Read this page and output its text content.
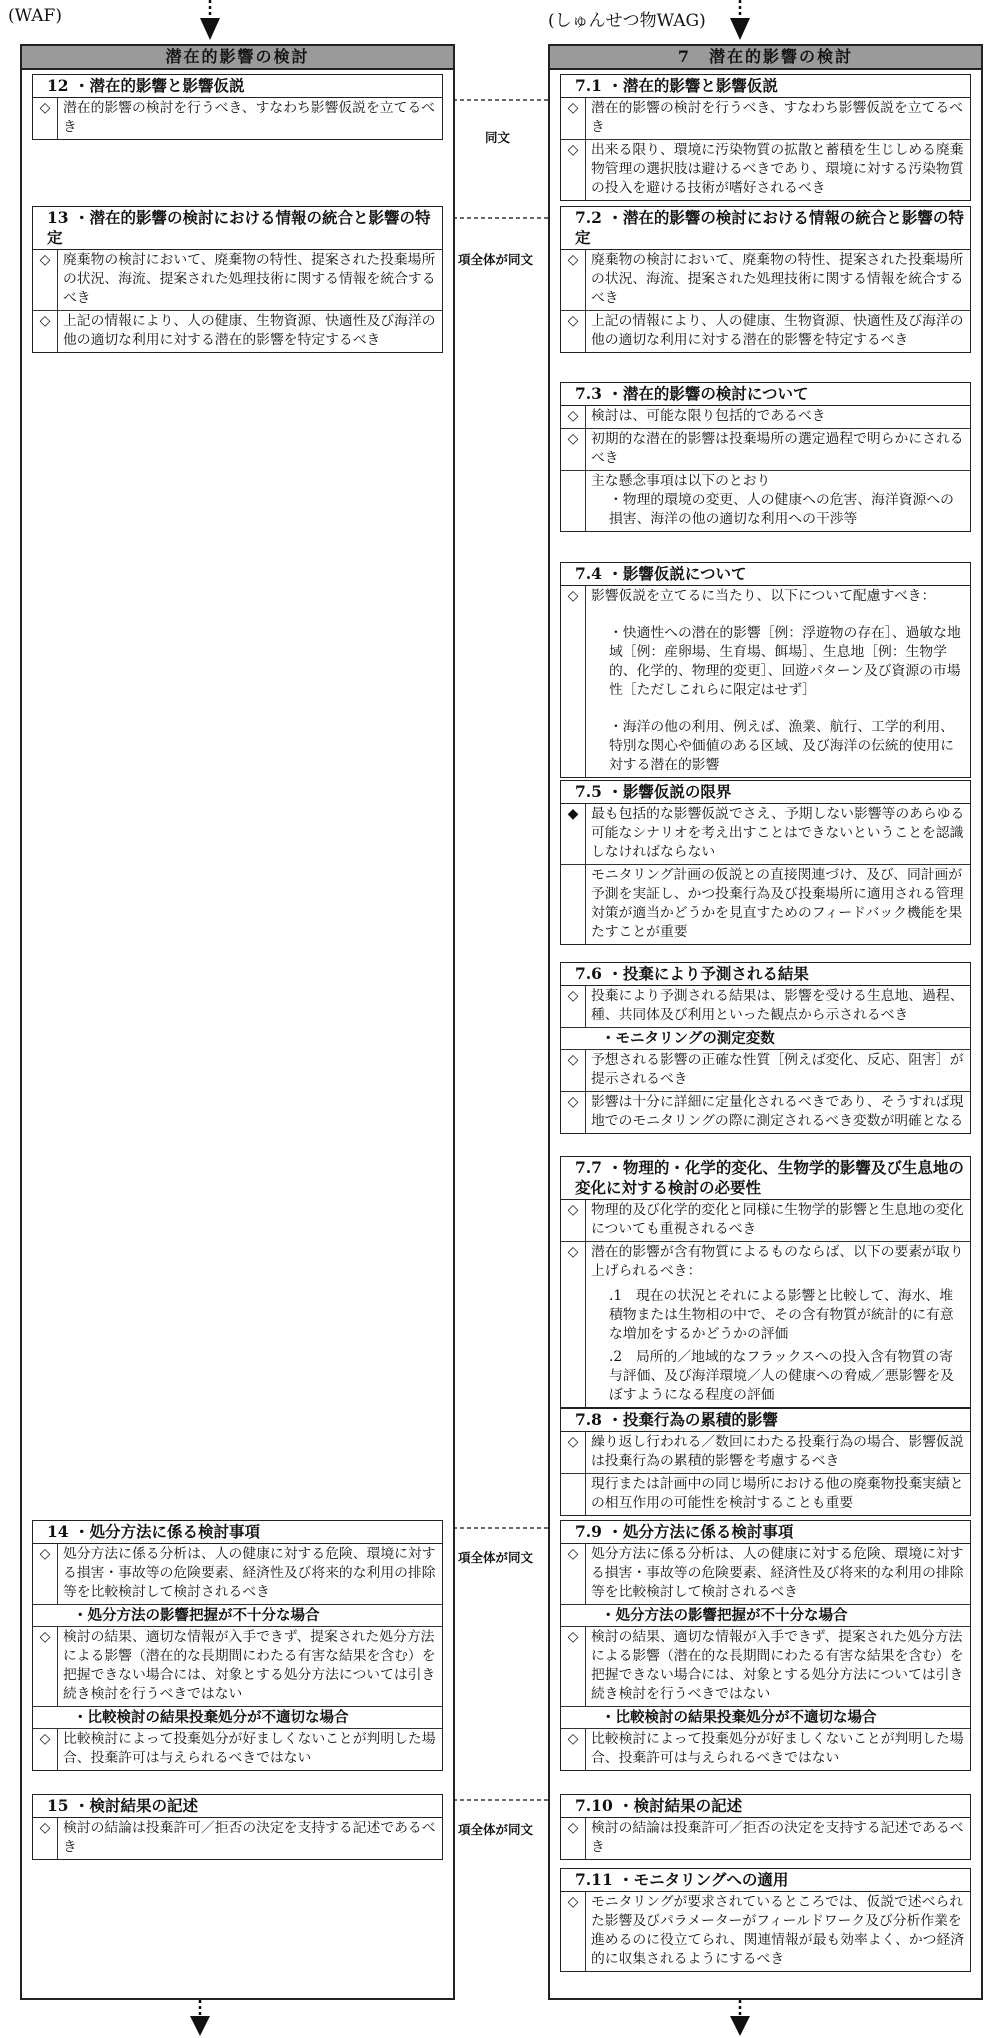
(WAF)	(しゅんせつ物WAG)
同文
項全体が同文
項全体が同文
項全体が同文
潜在的影響の検討
12 ・潜在的影響と影響仮説
◇ 潜在的影響の検討を行うべき、すなわち影響仮説を立てるべき
13 ・潜在的影響の検討における情報の統合と影響の特定
◇ 廃棄物の検討において、廃棄物の特性、提案された投棄場所の状況、海流、提案された処理技術に関する情報を統合するべき
◇ 上記の情報により、人の健康、生物資源、快適性及び海洋の他の適切な利用に対する潜在的影響を特定するべき
14 ・処分方法に係る検討事項
◇ 処分方法に係る分析は、人の健康に対する危険、環境に対する損害・事故等の危険要素、経済性及び将来的な利用の排除等を比較検討して検討されるべき
・処分方法の影響把握が不十分な場合
◇ 検討の結果、適切な情報が入手できず、提案された処分方法による影響（潜在的な長期間にわたる有害な結果を含む）を把握できない場合には、対象とする処分方法については引き続き検討を行うべきではない
・比較検討の結果投棄処分が不適切な場合
◇ 比較検討によって投棄処分が好ましくないことが判明した場合、投棄許可は与えられるべきではない
15 ・検討結果の記述
◇ 検討の結論は投棄許可／拒否の決定を支持する記述であるべき
7　潜在的影響の検討
7.1 ・潜在的影響と影響仮説
◇ 潜在的影響の検討を行うべき、すなわち影響仮説を立てるべき
◇ 出来る限り、環境に汚染物質の拡散と蓄積を生じしめる廃棄物管理の選択肢は避けるべきであり、環境に対する汚染物質の投入を避ける技術が嗜好されるべき
7.2 ・潜在的影響の検討における情報の統合と影響の特定
◇ 廃棄物の検討において、廃棄物の特性、提案された投棄場所の状況、海流、提案された処理技術に関する情報を統合するべき
◇ 上記の情報により、人の健康、生物資源、快適性及び海洋の他の適切な利用に対する潜在的影響を特定するべき
7.3 ・潜在的影響の検討について
◇ 検討は、可能な限り包括的であるべき
◇ 初期的な潜在的影響は投棄場所の選定過程で明らかにされるべき
主な懸念事項は以下のとおり
・物理的環境の変更、人の健康への危害、海洋資源への損害、海洋の他の適切な利用への干渉等
7.4 ・影響仮説について
◇ 影響仮説を立てるに当たり、以下について配慮すべき：
・快適性への潜在的影響［例：浮遊物の存在］、過敏な地域［例：産卵場、生育場、餌場］、生息地［例：生物学的、化学的、物理的変更］、回遊パターン及び資源の市場性［ただしこれらに限定はせず］
・海洋の他の利用、例えば、漁業、航行、工学的利用、特別な関心や価値のある区域、及び海洋の伝統的使用に対する潜在的影響
7.5 ・影響仮説の限界
◆ 最も包括的な影響仮説でさえ、予期しない影響等のあらゆる可能なシナリオを考え出すことはできないということを認識しなければならない
モニタリング計画の仮説との直接関連づけ、及び、同計画が予測を実証し、かつ投棄行為及び投棄場所に適用される管理対策が適当かどうかを見直すためのフィードバック機能を果たすことが重要
7.6 ・投棄により予測される結果
◇ 投棄により予測される結果は、影響を受ける生息地、過程、種、共同体及び利用といった観点から示されるべき
・モニタリングの測定変数
◇ 予想される影響の正確な性質［例えば変化、反応、阻害］が提示されるべき
◇ 影響は十分に詳細に定量化されるべきであり、そうすれば現地でのモニタリングの際に測定されるべき変数が明確となる
7.7 ・物理的・化学的変化、生物学的影響及び生息地の変化に対する検討の必要性
◇ 物理的及び化学的変化と同様に生物学的影響と生息地の変化についても重視されるべき
◇ 潜在的影響が含有物質によるものならば、以下の要素が取り上げられるべき：
.1　現在の状況とそれによる影響と比較して、海水、堆積物または生物相の中で、その含有物質が統計的に有意な増加をするかどうかの評価
.2　局所的／地域的なフラックスへの投入含有物質の寄与評価、及び海洋環境／人の健康への脅威／悪影響を及ぼすようになる程度の評価
7.8 ・投棄行為の累積的影響
◇ 繰り返し行われる／数回にわたる投棄行為の場合、影響仮説は投棄行為の累積的影響を考慮するべき
現行または計画中の同じ場所における他の廃棄物投棄実績との相互作用の可能性を検討することも重要
7.9 ・処分方法に係る検討事項
◇ 処分方法に係る分析は、人の健康に対する危険、環境に対する損害・事故等の危険要素、経済性及び将来的な利用の排除等を比較検討して検討されるべき
・処分方法の影響把握が不十分な場合
◇ 検討の結果、適切な情報が入手できず、提案された処分方法による影響（潜在的な長期間にわたる有害な結果を含む）を把握できない場合には、対象とする処分方法については引き続き検討を行うべきではない
・比較検討の結果投棄処分が不適切な場合
◇ 比較検討によって投棄処分が好ましくないことが判明した場合、投棄許可は与えられるべきではない
7.10 ・検討結果の記述
◇ 検討の結論は投棄許可／拒否の決定を支持する記述であるべき
7.11 ・モニタリングへの適用
◇ モニタリングが要求されているところでは、仮説で述べられた影響及びパラメーターがフィールドワーク及び分析作業を進めるのに役立てられ、関連情報が最も効率よく、かつ経済的に収集されるようにするべき
